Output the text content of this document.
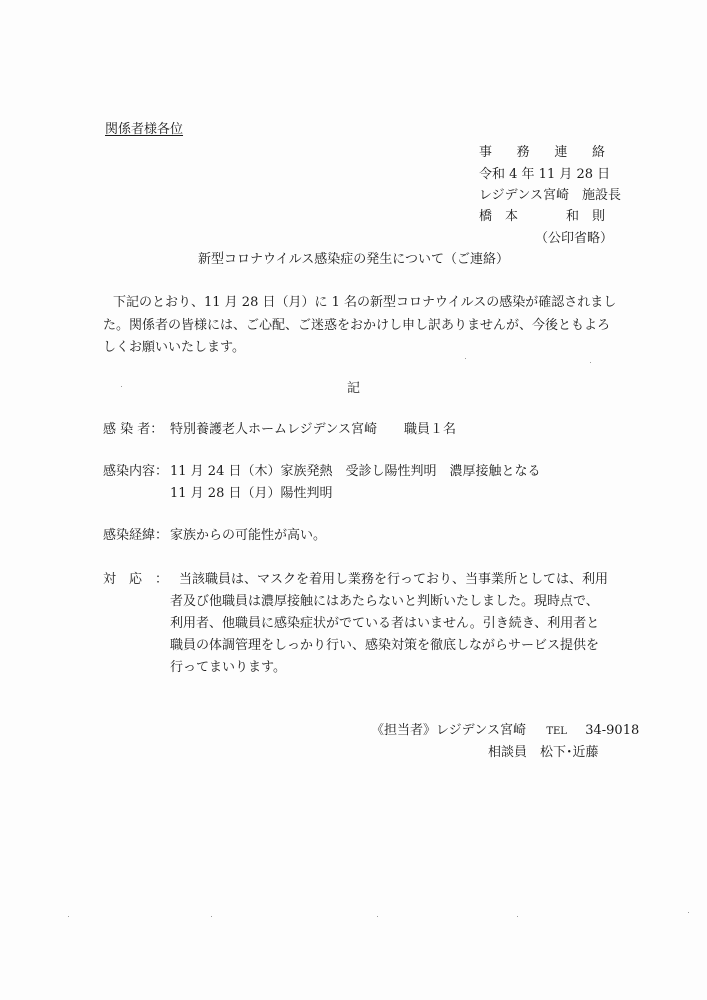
関係者様各位
事 務 連 絡
令和 4 年 11 月 28 日
レジデンス宮崎　施設長
橋　本	和　則
（公印省略）
新型コロナウイルス感染症の発生について（ご連絡）
下記のとおり、11 月 28 日（月）に 1 名の新型コロナウイルスの感染が確認されまし
た。関係者の皆様には、ご心配、ご迷惑をおかけし申し訳ありませんが、今後ともよろ
しくお願いいたします。
記
感 染 者： 特別養護老人ホームレジデンス宮崎 職員１名
感染内容： 11 月 24 日（木）家族発熱　受診し陽性判明　濃厚接触となる
11 月 28 日（月）陽性判明
感染経緯： 家族からの可能性が高い。
対　応　： 当該職員は、マスクを着用し業務を行っており、当事業所としては、利用
者及び他職員は濃厚接触にはあたらないと判断いたしました。現時点で、
利用者、他職員に感染症状がでている者はいません。引き続き、利用者と
職員の体調管理をしっかり行い、感染対策を徹底しながらサービス提供を
行ってまいります。
《担当者》レジデンス宮崎 TEL 34-9018
相談員　松下･近藤
